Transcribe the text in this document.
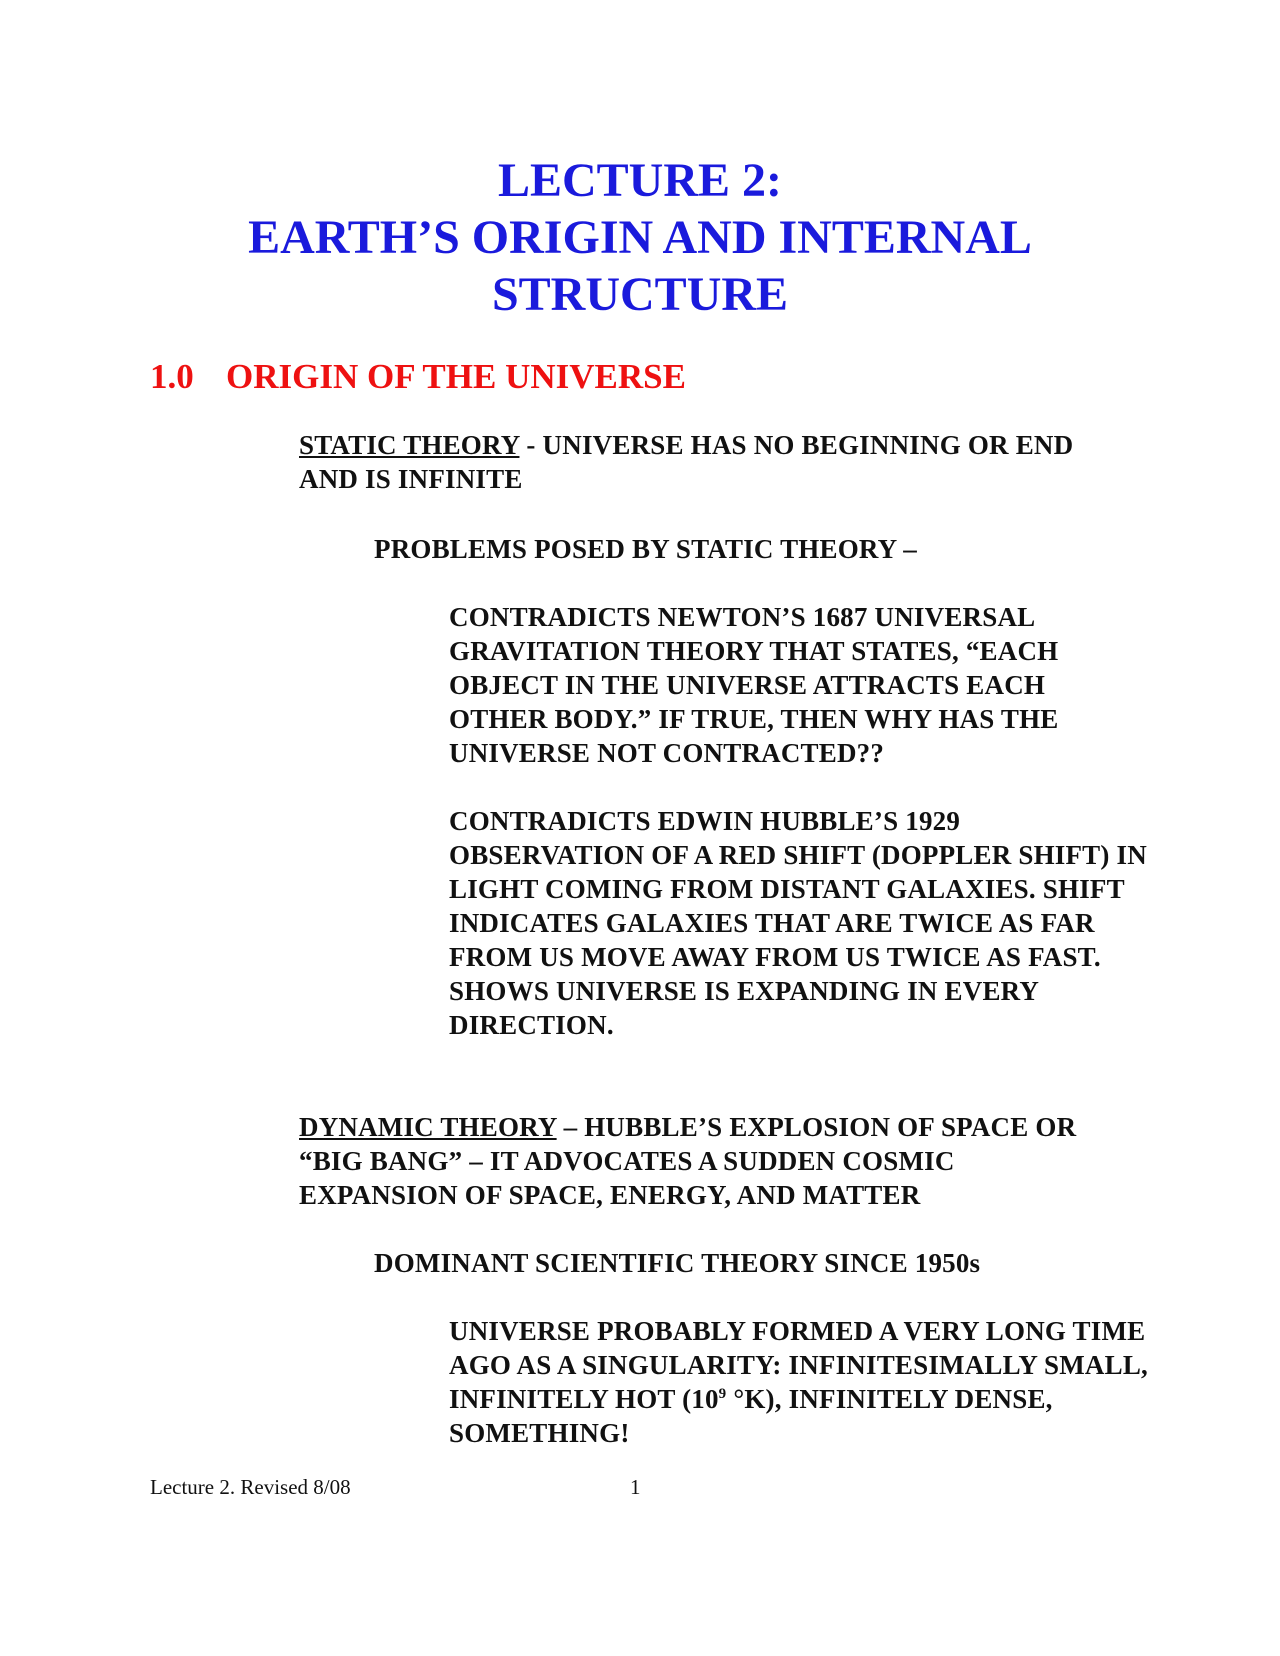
LECTURE 2:
EARTH’S ORIGIN AND INTERNAL
STRUCTURE
1.0 ORIGIN OF THE UNIVERSE
STATIC THEORY - UNIVERSE HAS NO BEGINNING OR END AND IS INFINITE
PROBLEMS POSED BY STATIC THEORY –
CONTRADICTS NEWTON’S 1687 UNIVERSAL GRAVITATION THEORY THAT STATES, “EACH OBJECT IN THE UNIVERSE ATTRACTS EACH OTHER BODY.” IF TRUE, THEN WHY HAS THE UNIVERSE NOT CONTRACTED??
CONTRADICTS EDWIN HUBBLE’S 1929 OBSERVATION OF A RED SHIFT (DOPPLER SHIFT) IN LIGHT COMING FROM DISTANT GALAXIES. SHIFT INDICATES GALAXIES THAT ARE TWICE AS FAR FROM US MOVE AWAY FROM US TWICE AS FAST. SHOWS UNIVERSE IS EXPANDING IN EVERY DIRECTION.
DYNAMIC THEORY – HUBBLE’S EXPLOSION OF SPACE OR “BIG BANG” – IT ADVOCATES A SUDDEN COSMIC EXPANSION OF SPACE, ENERGY, AND MATTER
DOMINANT SCIENTIFIC THEORY SINCE 1950s
UNIVERSE PROBABLY FORMED A VERY LONG TIME AGO AS A SINGULARITY: INFINITESIMALLY SMALL, INFINITELY HOT ($10^9$ °K), INFINITELY DENSE, SOMETHING!
Lecture 2. Revised 8/08	1
